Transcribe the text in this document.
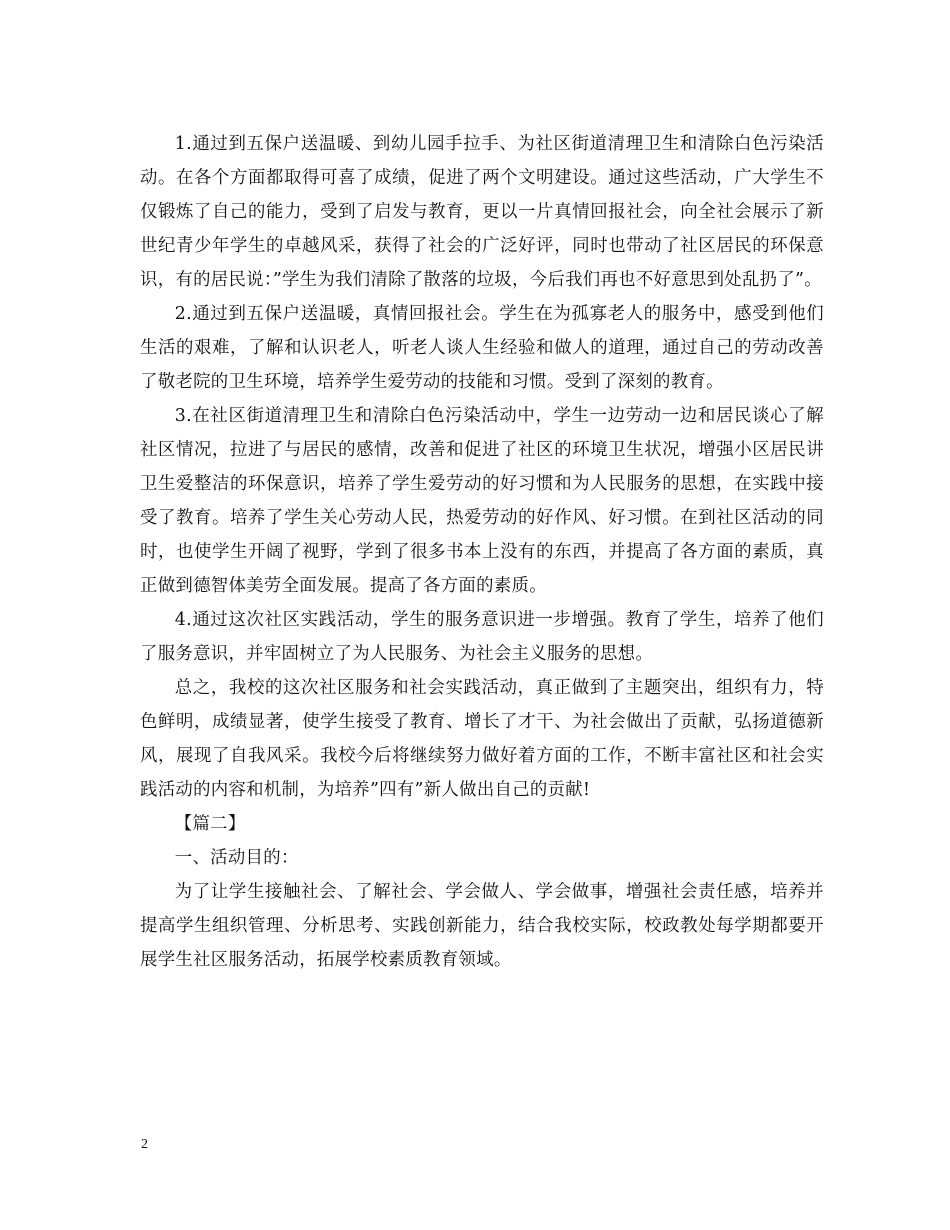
1.通过到五保户送温暖、到幼儿园手拉手、为社区街道清理卫生和清除白色污染活动。在各个方面都取得可喜了成绩，促进了两个文明建设。通过这些活动，广大学生不仅锻炼了自己的能力，受到了启发与教育，更以一片真情回报社会，向全社会展示了新世纪青少年学生的卓越风采，获得了社会的广泛好评，同时也带动了社区居民的环保意识，有的居民说：”学生为我们清除了散落的垃圾，今后我们再也不好意思到处乱扔了”。

2.通过到五保户送温暖，真情回报社会。学生在为孤寡老人的服务中，感受到他们生活的艰难，了解和认识老人，听老人谈人生经验和做人的道理，通过自己的劳动改善了敬老院的卫生环境，培养学生爱劳动的技能和习惯。受到了深刻的教育。

3.在社区街道清理卫生和清除白色污染活动中，学生一边劳动一边和居民谈心了解社区情况，拉进了与居民的感情，改善和促进了社区的环境卫生状况，增强小区居民讲卫生爱整洁的环保意识，培养了学生爱劳动的好习惯和为人民服务的思想，在实践中接受了教育。培养了学生关心劳动人民，热爱劳动的好作风、好习惯。在到社区活动的同时，也使学生开阔了视野，学到了很多书本上没有的东西，并提高了各方面的素质，真正做到德智体美劳全面发展。提高了各方面的素质。

4.通过这次社区实践活动，学生的服务意识进一步增强。教育了学生，培养了他们了服务意识，并牢固树立了为人民服务、为社会主义服务的思想。

总之，我校的这次社区服务和社会实践活动，真正做到了主题突出，组织有力，特色鲜明，成绩显著，使学生接受了教育、增长了才干、为社会做出了贡献，弘扬道德新风，展现了自我风采。我校今后将继续努力做好着方面的工作，不断丰富社区和社会实践活动的内容和机制，为培养”四有”新人做出自己的贡献!

【篇二】

一、活动目的：

为了让学生接触社会、了解社会、学会做人、学会做事，增强社会责任感，培养并提高学生组织管理、分析思考、实践创新能力，结合我校实际，校政教处每学期都要开展学生社区服务活动，拓展学校素质教育领域。

2
